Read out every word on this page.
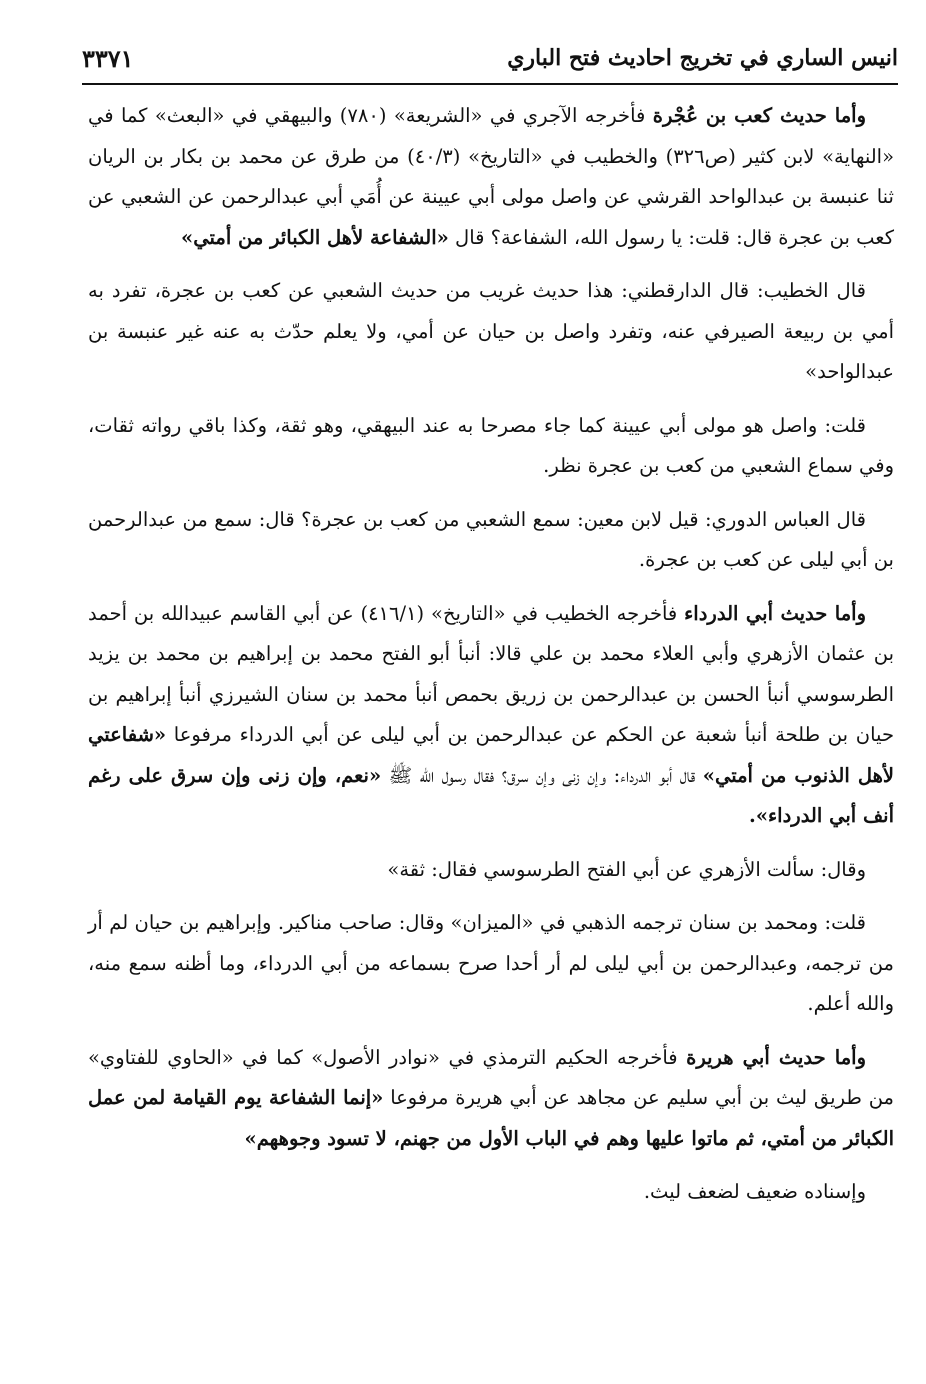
انيس الساري في تخريج احاديث فتح الباري
٣٣٧١

وأما حديث كعب بن عُجْرة فأخرجه الآجري في «الشريعة» (٧٨٠) والبيهقي في «البعث» كما في «النهاية» لابن كثير (ص٣٢٦) والخطيب في «التاريخ» (٤٠/٣) من طرق عن محمد بن بكار بن الريان ثنا عنبسة بن عبدالواحد القرشي عن واصل مولى أبي عيينة عن أُمَي أبي عبدالرحمن عن الشعبي عن كعب بن عجرة قال: قلت: يا رسول الله، الشفاعة؟ قال «الشفاعة لأهل الكبائر من أمتي»

قال الخطيب: قال الدارقطني: هذا حديث غريب من حديث الشعبي عن كعب بن عجرة، تفرد به أمي بن ربيعة الصيرفي عنه، وتفرد واصل بن حيان عن أمي، ولا يعلم حدّث به عنه غير عنبسة بن عبدالواحد»

قلت: واصل هو مولى أبي عيينة كما جاء مصرحا به عند البيهقي، وهو ثقة، وكذا باقي رواته ثقات، وفي سماع الشعبي من كعب بن عجرة نظر.

قال العباس الدوري: قيل لابن معين: سمع الشعبي من كعب بن عجرة؟ قال: سمع من عبدالرحمن بن أبي ليلى عن كعب بن عجرة.

وأما حديث أبي الدرداء فأخرجه الخطيب في «التاريخ» (٤١٦/١) عن أبي القاسم عبيدالله بن أحمد بن عثمان الأزهري وأبي العلاء محمد بن علي قالا: أنبأ أبو الفتح محمد بن إبراهيم بن محمد بن يزيد الطرسوسي أنبأ الحسن بن عبدالرحمن بن زريق بحمص أنبأ محمد بن سنان الشيرزي أنبأ إبراهيم بن حيان بن طلحة أنبأ شعبة عن الحكم عن عبدالرحمن بن أبي ليلى عن أبي الدرداء مرفوعا «شفاعتي لأهل الذنوب من أمتي» قال أبو الدرداء: وإن زنى وإن سرق؟ فقال رسول الله ﷺ «نعم، وإن زنى وإن سرق على رغم أنف أبي الدرداء».

وقال: سألت الأزهري عن أبي الفتح الطرسوسي فقال: ثقة»

قلت: ومحمد بن سنان ترجمه الذهبي في «الميزان» وقال: صاحب مناكير. وإبراهيم بن حيان لم أر من ترجمه، وعبدالرحمن بن أبي ليلى لم أر أحدا صرح بسماعه من أبي الدرداء، وما أظنه سمع منه، والله أعلم.

وأما حديث أبي هريرة فأخرجه الحكيم الترمذي في «نوادر الأصول» كما في «الحاوي للفتاوي» من طريق ليث بن أبي سليم عن مجاهد عن أبي هريرة مرفوعا «إنما الشفاعة يوم القيامة لمن عمل الكبائر من أمتي، ثم ماتوا عليها وهم في الباب الأول من جهنم، لا تسود وجوههم»

وإسناده ضعيف لضعف ليث.
